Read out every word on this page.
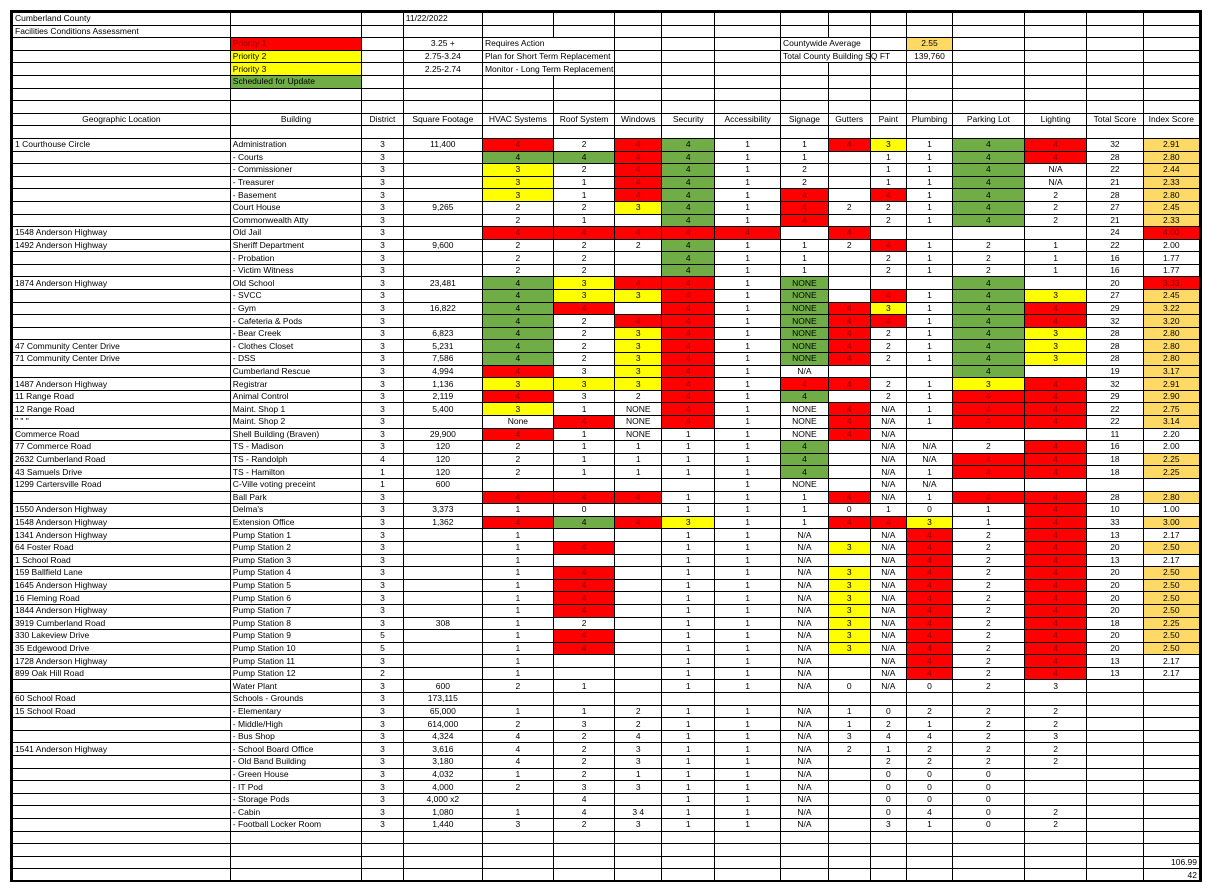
Cumberland County			11/22/2022													
Facilities Conditions Assessment																
	Priority 1		3.25 +	Requires Action					Countywide Average			2.55				
	Priority 2		2.75-3.24	Plan for Short Term Replacement					Total County Building SQ FT			139,760				
	Priority 3		2.25-2.74	Monitor - Long Term Replacement												
	Scheduled for Update															

Geographic Location	Building	District	Square Footage	HVAC Systems	Roof System	Windows	Security	Accessibility	Signage	Gutters	Paint	Plumbing	Parking Lot	Lighting	Total Score	Index Score

1 Courthouse Circle	Administration	3	11,400	4	2	4	4	1	1	4	3	1	4	4	32	2.91
	- Courts	3		4	4	4	4	1	1		1	1	4	4	28	2.80
	- Commissioner	3		3	2	4	4	1	2		1	1	4	N/A	22	2.44
	- Treasurer	3		3	1	4	4	1	2		1	1	4	N/A	21	2.33
	- Basement	3		3	1	4	4	1	4		4	1	4	2	28	2.80
	Court House	3	9,265	2	2	3	4	1	4	2	2	1	4	2	27	2.45
	Commonwealth Atty	3		2	1		4	1	4		2	1	4	2	21	2.33
1548 Anderson Highway	Old Jail	3		4	4	4	4	4		4					24	4.00
1492 Anderson Highway	Sheriff Department	3	9,600	2	2	2	4	1	1	2	4	1	2	1	22	2.00
	- Probation	3		2	2		4	1	1		2	1	2	1	16	1.77
	- Victim Witness	3		2	2		4	1	1		2	1	2	1	16	1.77
1874 Anderson Highway	Old School	3	23,481	4	3	4	4	1	NONE				4		20	3.33
	- SVCC	3		4	3	3	4	1	NONE		4	1	4	3	27	2.45
	- Gym	3	16,822	4	4		4	1	NONE	4	3	1	4	4	29	3.22
	- Cafeteria & Pods	3		4	2	4	4	1	NONE	4	4	1	4	4	32	3.20
	- Bear Creek	3	6,823	4	2	3	4	1	NONE	4	2	1	4	3	28	2.80
47 Community Center Drive	- Clothes Closet	3	5,231	4	2	3	4	1	NONE	4	2	1	4	3	28	2.80
71 Community Center Drive	- DSS	3	7,586	4	2	3	4	1	NONE	4	2	1	4	3	28	2.80
	Cumberland Rescue	3	4,994	4	3	3	4	1	N/A				4		19	3.17
1487 Anderson Highway	Registrar	3	1,136	3	3	3	4	1	4	4	2	1	3	4	32	2.91
11 Range Road	Animal Control	3	2,119	4	3	2	4	1	4		2	1	4	4	29	2.90
12 Range Road	Maint. Shop 1	3	5,400	3	1	NONE	4	1	NONE	4	N/A	1	4	4	22	2.75
" " "	Maint. Shop 2	3		None	4	NONE	4	1	NONE	4	N/A	1	4	4	22	3.14
Commerce Road	Shell Building (Braven)	3	29,900	4	1	NONE	1	1	NONE	4	N/A				11	2.20
77 Commerce Road	TS - Madison	3	120	2	1	1	1	1	4		N/A	N/A	2	4	16	2.00
2632 Cumberland Road	TS - Randolph	4	120	2	1	1	1	1	4		N/A	N/A	4	4	18	2.25
43 Samuels Drive	TS - Hamilton	1	120	2	1	1	1	1	4		N/A	1	4	4	18	2.25
1299 Cartersville Road	C-Ville voting preceint	1	600					1	NONE		N/A	N/A				
	Ball Park	3		4	4	4	1	1	1	4	N/A	1	4	4	28	2.80
1550 Anderson Highway	Delma's	3	3,373	1	0		1	1	1	0	1	0	1	4	10	1.00
1548 Anderson Highway	Extension Office	3	1,362	4	4	4	3	1	1	4	4	3	1	4	33	3.00
1341 Anderson Highway	Pump Station 1	3		1			1	1	N/A		N/A	4	2	4	13	2.17
64 Foster Road	Pump Station 2	3		1	4		1	1	N/A	3	N/A	4	2	4	20	2.50
1 School Road	Pump Station 3	3		1			1	1	N/A		N/A	4	2	4	13	2.17
159 Ballfield Lane	Pump Station 4	3		1	4		1	1	N/A	3	N/A	4	2	4	20	2.50
1645 Anderson Highway	Pump Station 5	3		1	4		1	1	N/A	3	N/A	4	2	4	20	2.50
16 Fleming Road	Pump Station 6	3		1	4		1	1	N/A	3	N/A	4	2	4	20	2.50
1844 Anderson Highway	Pump Station 7	3		1	4		1	1	N/A	3	N/A	4	2	4	20	2.50
3919 Cumberland Road	Pump Station 8	3	308	1	2		1	1	N/A	3	N/A	4	2	4	18	2.25
330 Lakeview Drive	Pump Station 9	5		1	4		1	1	N/A	3	N/A	4	2	4	20	2.50
35 Edgewood Drive	Pump Station 10	5		1	4		1	1	N/A	3	N/A	4	2	4	20	2.50
1728 Anderson Highway	Pump Station 11	3		1			1	1	N/A		N/A	4	2	4	13	2.17
899 Oak Hill Road	Pump Station 12	2		1			1	1	N/A		N/A	4	2	4	13	2.17
	Water Plant	3	600	2	1		1	1	N/A	0	N/A	0	2	3		
60 School Road	Schools - Grounds	3	173,115													
15 School Road	- Elementary	3	65,000	1	1	2	1	1	N/A	1	0	2	2	2		
	- Middle/High	3	614,000	2	3	2	1	1	N/A	1	2	1	2	2		
	- Bus Shop	3	4,324	4	2	4	1	1	N/A	3	4	4	2	3		
1541 Anderson Highway	- School Board Office	3	3,616	4	2	3	1	1	N/A	2	1	2	2	2		
	- Old Band Building	3	3,180	4	2	3	1	1	N/A		2	2	2	2		
	- Green House	3	4,032	1	2	1	1	1	N/A		0	0	0			
	- IT Pod	3	4,000	2	3	3	1	1	N/A		0	0	0			
	- Storage Pods	3	4,000 x2		4		1	1	N/A		0	0	0			
	- Cabin	3	1,080	1	4	3 4	1	1	N/A		0	4	0	2		
	- Football Locker Room	3	1,440	3	2	3	1	1	N/A		3	1	0	2		

																106.99
																42
